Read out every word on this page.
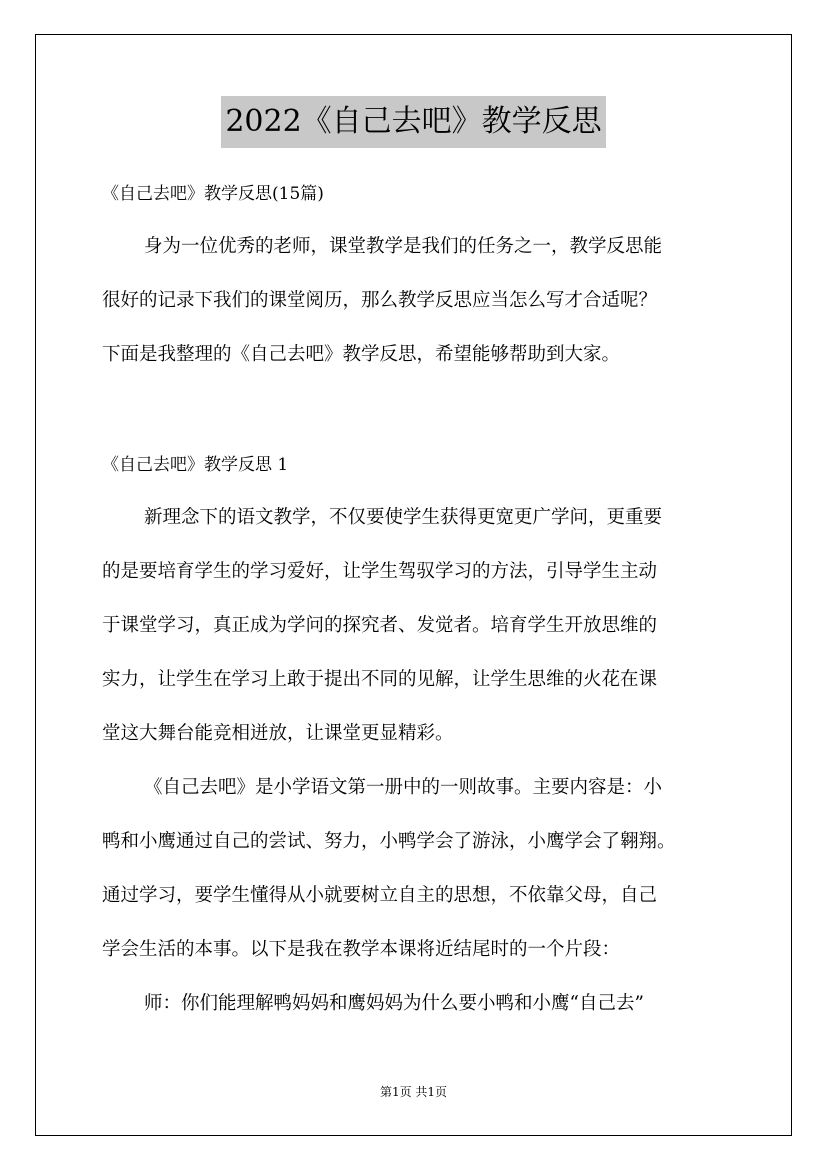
2022《自己去吧》教学反思
《自己去吧》教学反思(15篇)
身为一位优秀的老师，课堂教学是我们的任务之一，教学反思能
很好的记录下我们的课堂阅历，那么教学反思应当怎么写才合适呢？
下面是我整理的《自己去吧》教学反思，希望能够帮助到大家。
《自己去吧》教学反思 1
新理念下的语文教学，不仅要使学生获得更宽更广学问，更重要
的是要培育学生的学习爱好，让学生驾驭学习的方法，引导学生主动
于课堂学习，真正成为学问的探究者、发觉者。培育学生开放思维的
实力，让学生在学习上敢于提出不同的见解，让学生思维的火花在课
堂这大舞台能竞相迸放，让课堂更显精彩。
《自己去吧》是小学语文第一册中的一则故事。主要内容是：小
鸭和小鹰通过自己的尝试、努力，小鸭学会了游泳，小鹰学会了翱翔。
通过学习，要学生懂得从小就要树立自主的思想，不依靠父母，自己
学会生活的本事。以下是我在教学本课将近结尾时的一个片段：
师：你们能理解鸭妈妈和鹰妈妈为什么要小鸭和小鹰“自己去”
第1页 共1页
